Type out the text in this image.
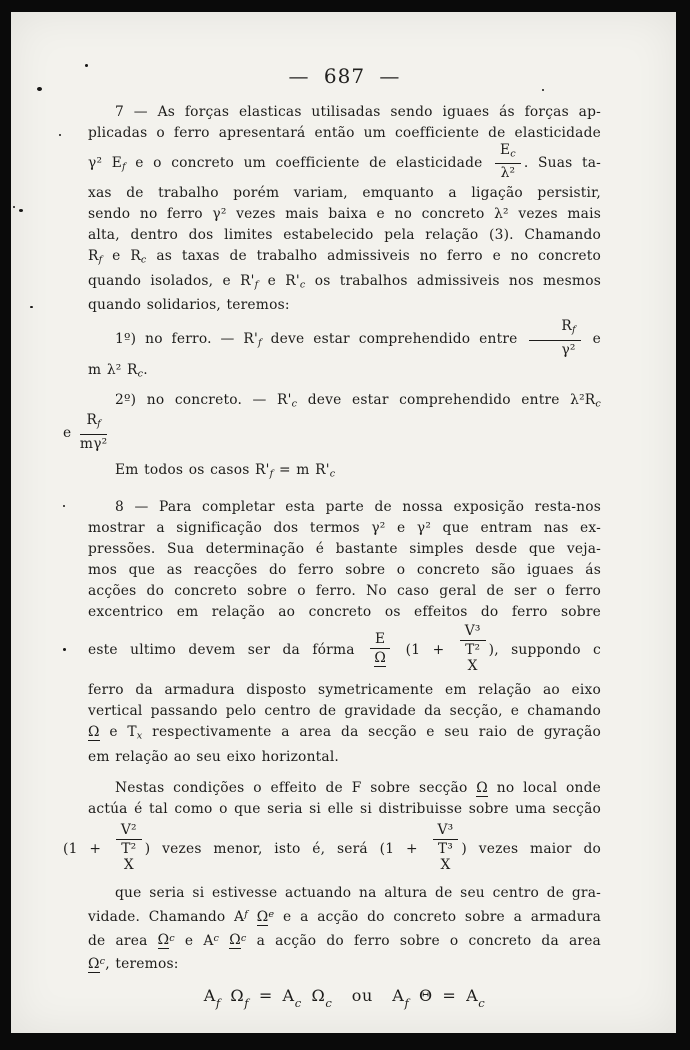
— 687 —
7 — As forças elasticas utilisadas sendo iguaes ás forças ap-
plicadas o ferro apresentará então um coefficiente de elasticidade
γ² $E_f$ e o concreto um coefficiente de elasticidade $\frac{E_c}{\text{λ²}}$ . Suas ta-
xas de trabalho porém variam, emquanto a ligação persistir,
sendo no ferro γ² vezes mais baixa e no concreto λ² vezes mais
alta, dentro dos limites estabelecido pela relação (3). Chamando
$R_f$ e $R_c$ as taxas de trabalho admissiveis no ferro e no concreto
quando isolados, e $R'_f$ e $R'_c$ os trabalhos admissiveis nos mesmos
quando solidarios, teremos:
1º) no ferro. — $R'_f$ deve estar comprehendido entre $\frac{R_f}{\text{γ²}}$ e
m λ² $R_c$.
2º) no concreto. — $R'_c$ deve estar comprehendido entre $\lambda^2R_c$
e $\frac{R_f}{\text{mγ²}}$
Em todos os casos $R'_f = m$ $R'_c$
8 — Para completar esta parte de nossa exposição resta-nos
mostrar a significação dos termos γ² e γ² que entram nas ex-
pressões. Sua determinação é bastante simples desde que veja-
mos que as reacções do ferro sobre o concreto são iguaes ás
acções do concreto sobre o ferro. No caso geral de ser o ferro
excentrico em relação ao concreto os effeitos do ferro sobre
este ultimo devem ser da fórma $\frac{E}{\Omega} (1$ +
V³
T²
X
), suppondo c
ferro da armadura disposto symetricamente em relação ao eixo
vertical passando pelo centro de gravidade da secção, e chamando
Ω e $T_x$ respectivamente a area da secção e seu raio de gyração
em relação ao seu eixo horizontal.
Nestas condições o effeito de F sobre secção Ω no local onde
actúa é tal como o que seria si elle si distribuisse sobre uma secção
(1 +
V²
T²
X
) vezes menor, isto é, será (1 +
V³
T³
X
) vezes maior do
que seria si estivesse actuando na altura de seu centro de gra-
vidade. Chamando $A^f$ $\Omega^e$ e a acção do concreto sobre a armadura
de area $\Omega^c$ e $A^c$ $\Omega^c$ a acção do ferro sobre o concreto da area
$\Omega^c$, teremos:
$A_f$ $\Omega_f = A_c$ $\Omega_c$  ou  $A_f$ $\Theta = A_c$
